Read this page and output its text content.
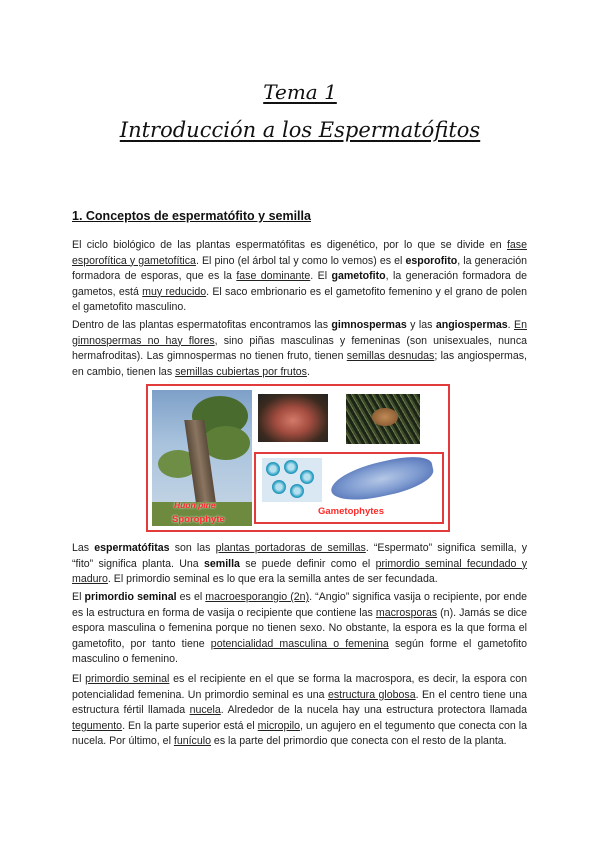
Tema 1
Introducción a los Espermatófitos
1. Conceptos de espermatófito y semilla

El ciclo biológico de las plantas espermatófitas es digenético, por lo que se divide en fase esporofítica y gametofítica. El pino (el árbol tal y como lo vemos) es el esporofito, la generación formadora de esporas, que es la fase dominante. El gametofito, la generación formadora de gametos, está muy reducido. El saco embrionario es el gametofito femenino y el grano de polen el gametofito masculino.

Dentro de las plantas espermatofitas encontramos las gimnospermas y las angiospermas. En gimnospermas no hay flores, sino piñas masculinas y femeninas (son unisexuales, nunca hermafroditas). Las gimnospermas no tienen fruto, tienen semillas desnudas; las angiospermas, en cambio, tienen las semillas cubiertas por frutos.

Huon pine
Sporophyte
Gametophytes

Las espermatófitas son las plantas portadoras de semillas. “Espermato” significa semilla, y “fito” significa planta. Una semilla se puede definir como el primordio seminal fecundado y maduro. El primordio seminal es lo que era la semilla antes de ser fecundada.

El primordio seminal es el macroesporangio (2n). “Angio” significa vasija o recipiente, por ende es la estructura en forma de vasija o recipiente que contiene las macrosporas (n). Jamás se dice espora masculina o femenina porque no tienen sexo. No obstante, la espora es la que forma el gametofito, por tanto tiene potencialidad masculina o femenina según forme el gametofito masculino o femenino.

El primordio seminal es el recipiente en el que se forma la macrospora, es decir, la espora con potencialidad femenina. Un primordio seminal es una estructura globosa. En el centro tiene una estructura fértil llamada nucela. Alrededor de la nucela hay una estructura protectora llamada tegumento. En la parte superior está el micropilo, un agujero en el tegumento que conecta con la nucela. Por último, el funículo es la parte del primordio que conecta con el resto de la planta.
